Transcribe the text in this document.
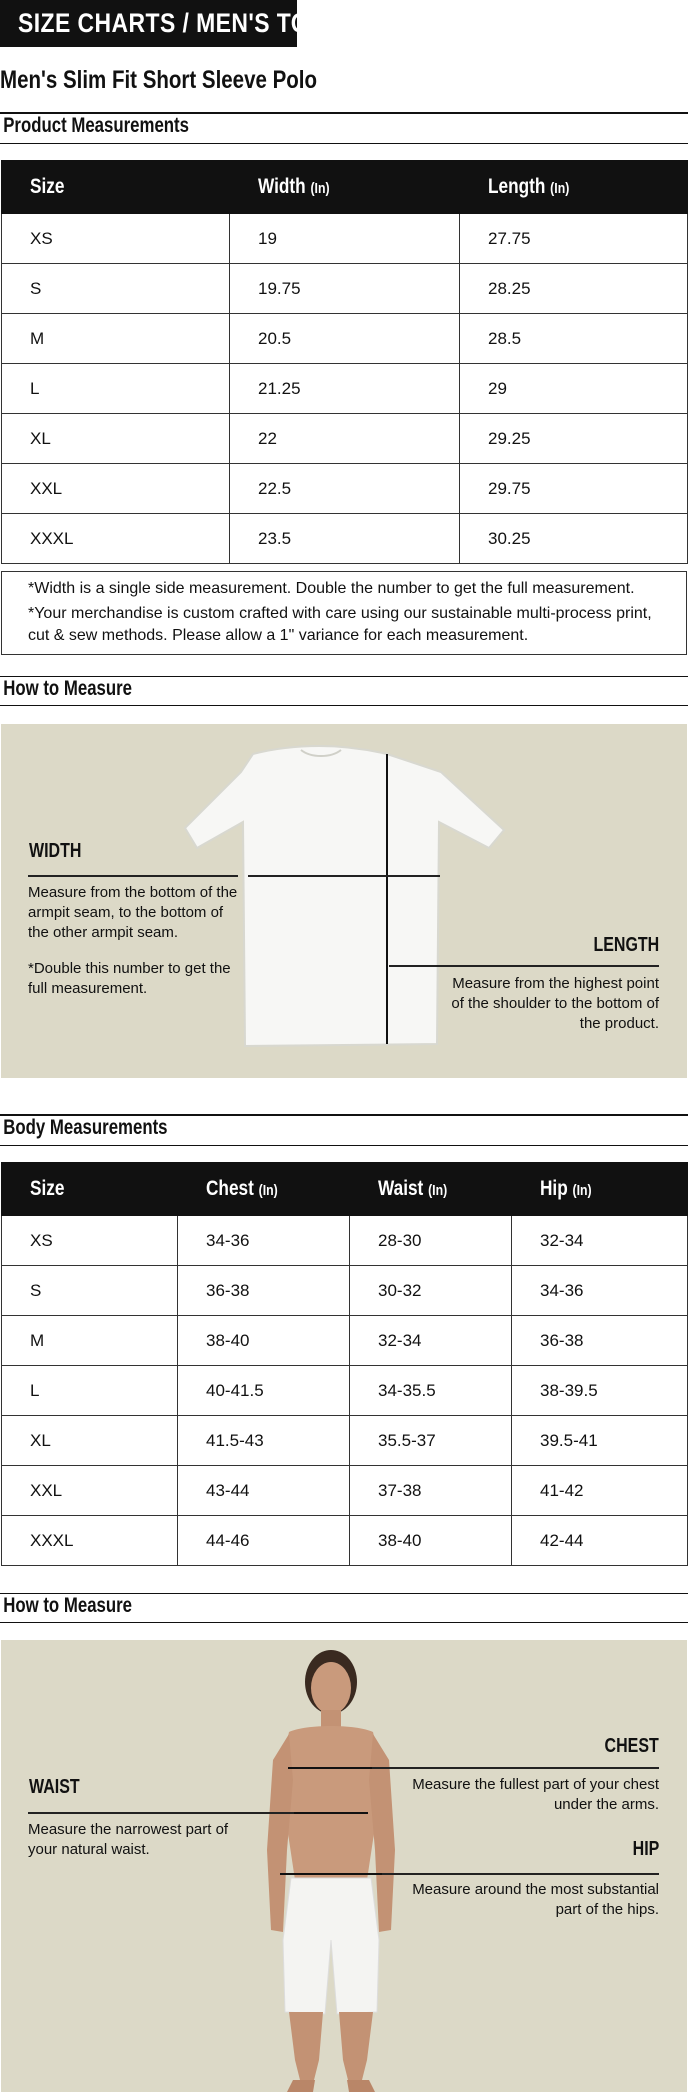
SIZE CHARTS / MEN'S TOPS
Men's Slim Fit Short Sleeve Polo
Product Measurements
Size	Width (In)	Length (In)
XS	19	27.75
S	19.75	28.25
M	20.5	28.5
L	21.25	29
XL	22	29.25
XXL	22.5	29.75
XXXL	23.5	30.25

*Width is a single side measurement. Double the number to get the full measurement.

*Your merchandise is custom crafted with care using our sustainable multi-process print, cut & sew methods. Please allow a 1" variance for each measurement.

How to Measure
WIDTH
Measure from the bottom of the armpit seam, to the bottom of the other armpit seam.
*Double this number to get the full measurement.
LENGTH
Measure from the highest point of the shoulder to the bottom of the product.
Body Measurements
Size	Chest (In)	Waist (In)	Hip (In)
XS	34-36	28-30	32-34
S	36-38	30-32	34-36
M	38-40	32-34	36-38
L	40-41.5	34-35.5	38-39.5
XL	41.5-43	35.5-37	39.5-41
XXL	43-44	37-38	41-42
XXXL	44-46	38-40	42-44
How to Measure
WAIST
Measure the narrowest part of your natural waist.
CHEST
Measure the fullest part of your chest under the arms.
HIP
Measure around the most substantial part of the hips.
